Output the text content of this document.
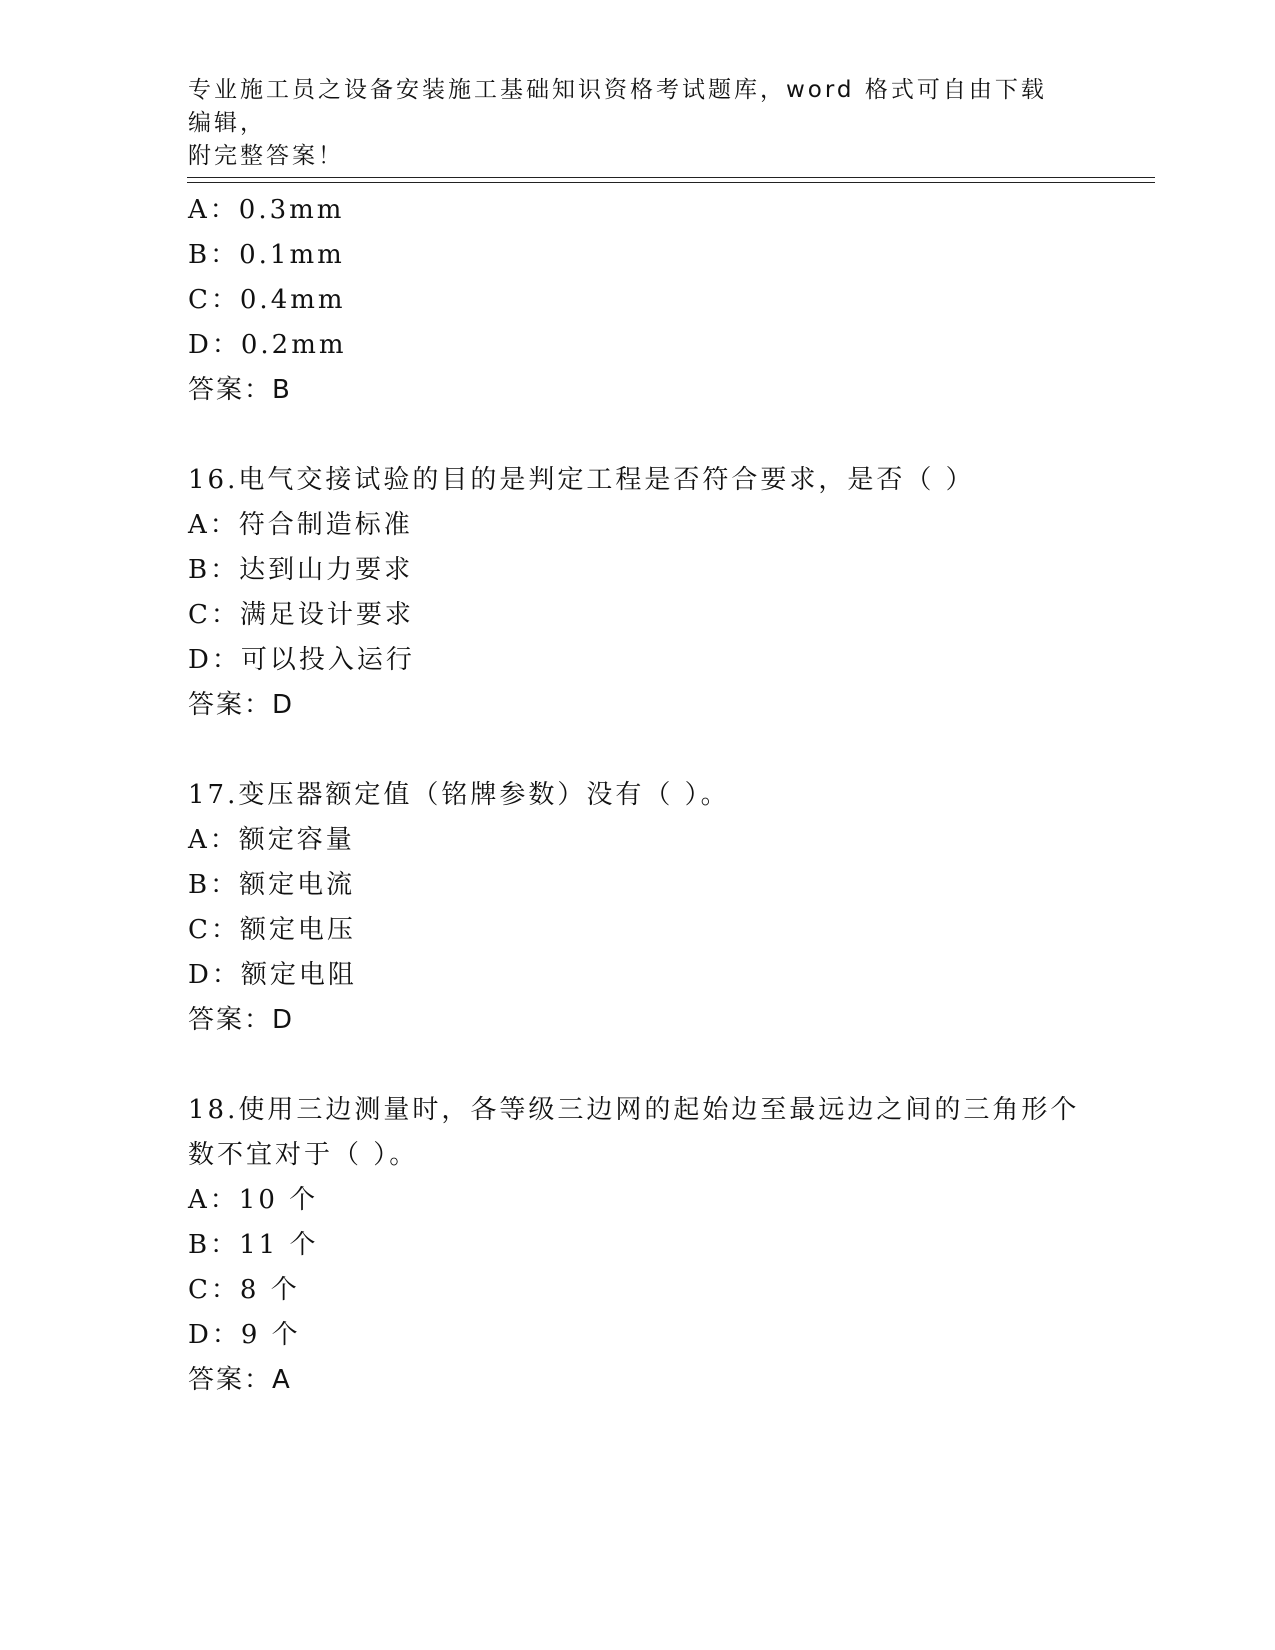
专业施工员之设备安装施工基础知识资格考试题库，word 格式可自由下载编辑，
附完整答案！
A：0.3mm
B：0.1mm
C：0.4mm
D：0.2mm
答案：B
16.电气交接试验的目的是判定工程是否符合要求，是否（ ）
A：符合制造标准
B：达到山力要求
C：满足设计要求
D：可以投入运行
答案：D
17.变压器额定值（铭牌参数）没有（ ）。
A：额定容量
B：额定电流
C：额定电压
D：额定电阻
答案：D
18.使用三边测量时，各等级三边网的起始边至最远边之间的三角形个
数不宜对于（ ）。
A：10 个
B：11 个
C：8 个
D：9 个
答案：A
